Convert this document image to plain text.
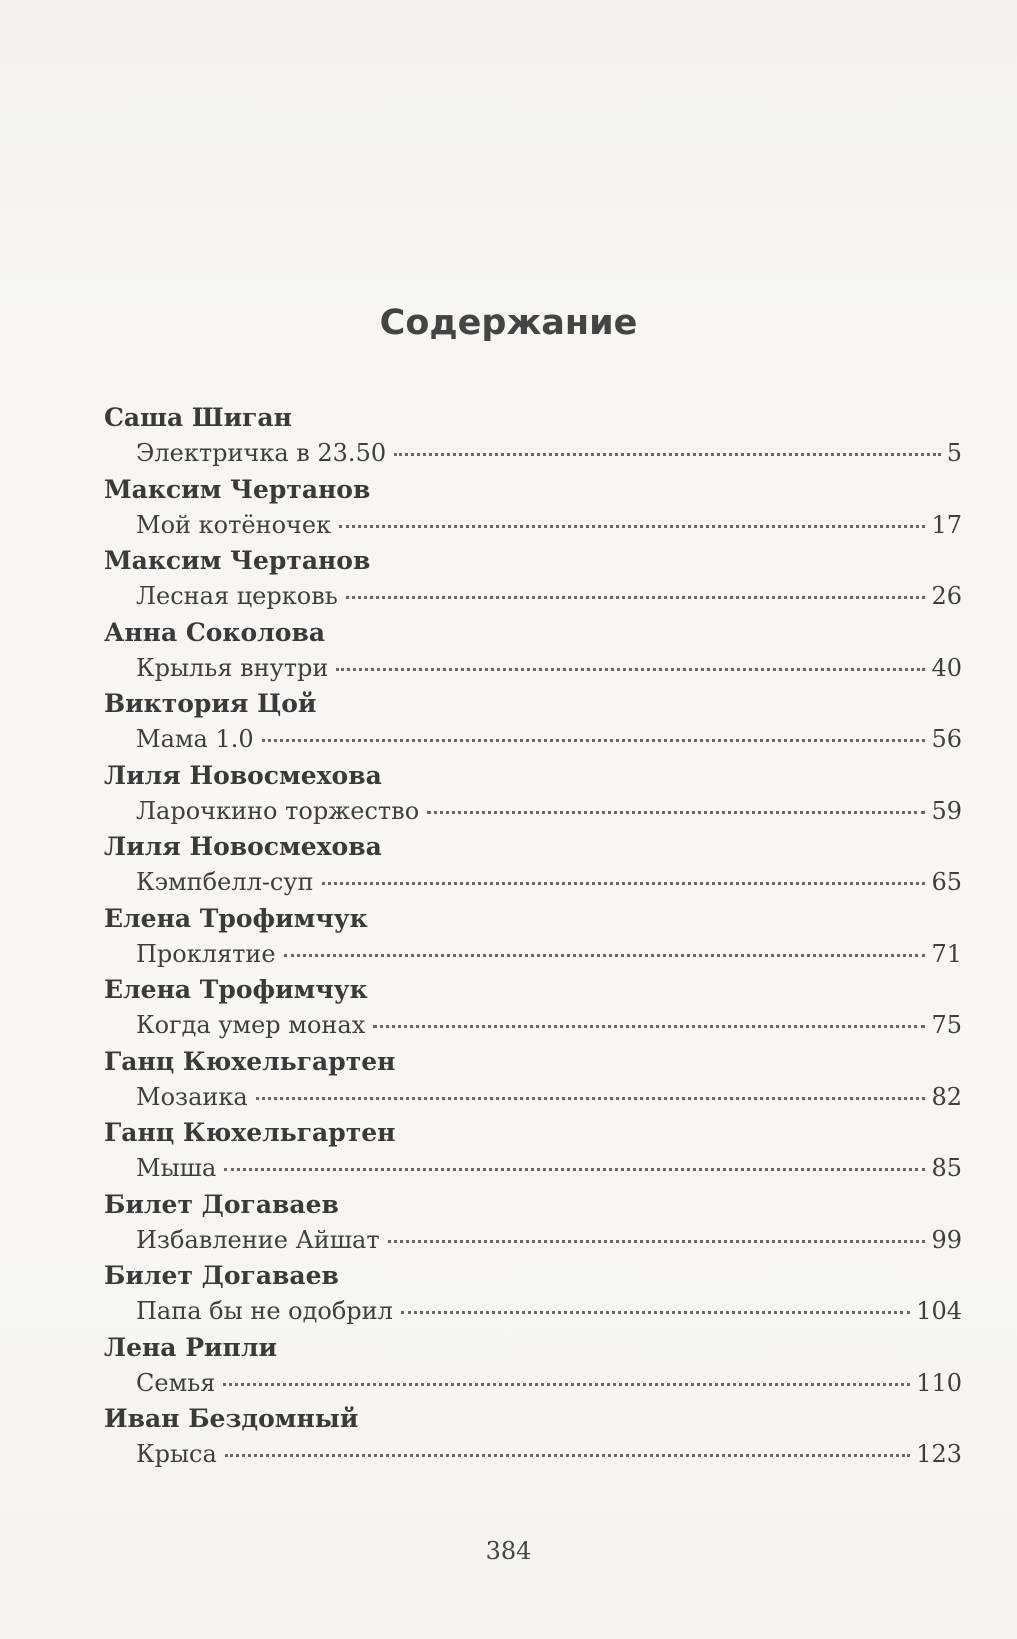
Содержание
Саша Шиган
Электричка в 23.50	5
Максим Чертанов
Мой котёночек	17
Максим Чертанов
Лесная церковь	26
Анна Соколова
Крылья внутри	40
Виктория Цой
Мама 1.0	56
Лиля Новосмехова
Ларочкино торжество	59
Лиля Новосмехова
Кэмпбелл-суп	65
Елена Трофимчук
Проклятие	71
Елена Трофимчук
Когда умер монах	75
Ганц Кюхельгартен
Мозаика	82
Ганц Кюхельгартен
Мыша	85
Билет Догаваев
Избавление Айшат	99
Билет Догаваев
Папа бы не одобрил	104
Лена Рипли
Семья	110
Иван Бездомный
Крыса	123
384
